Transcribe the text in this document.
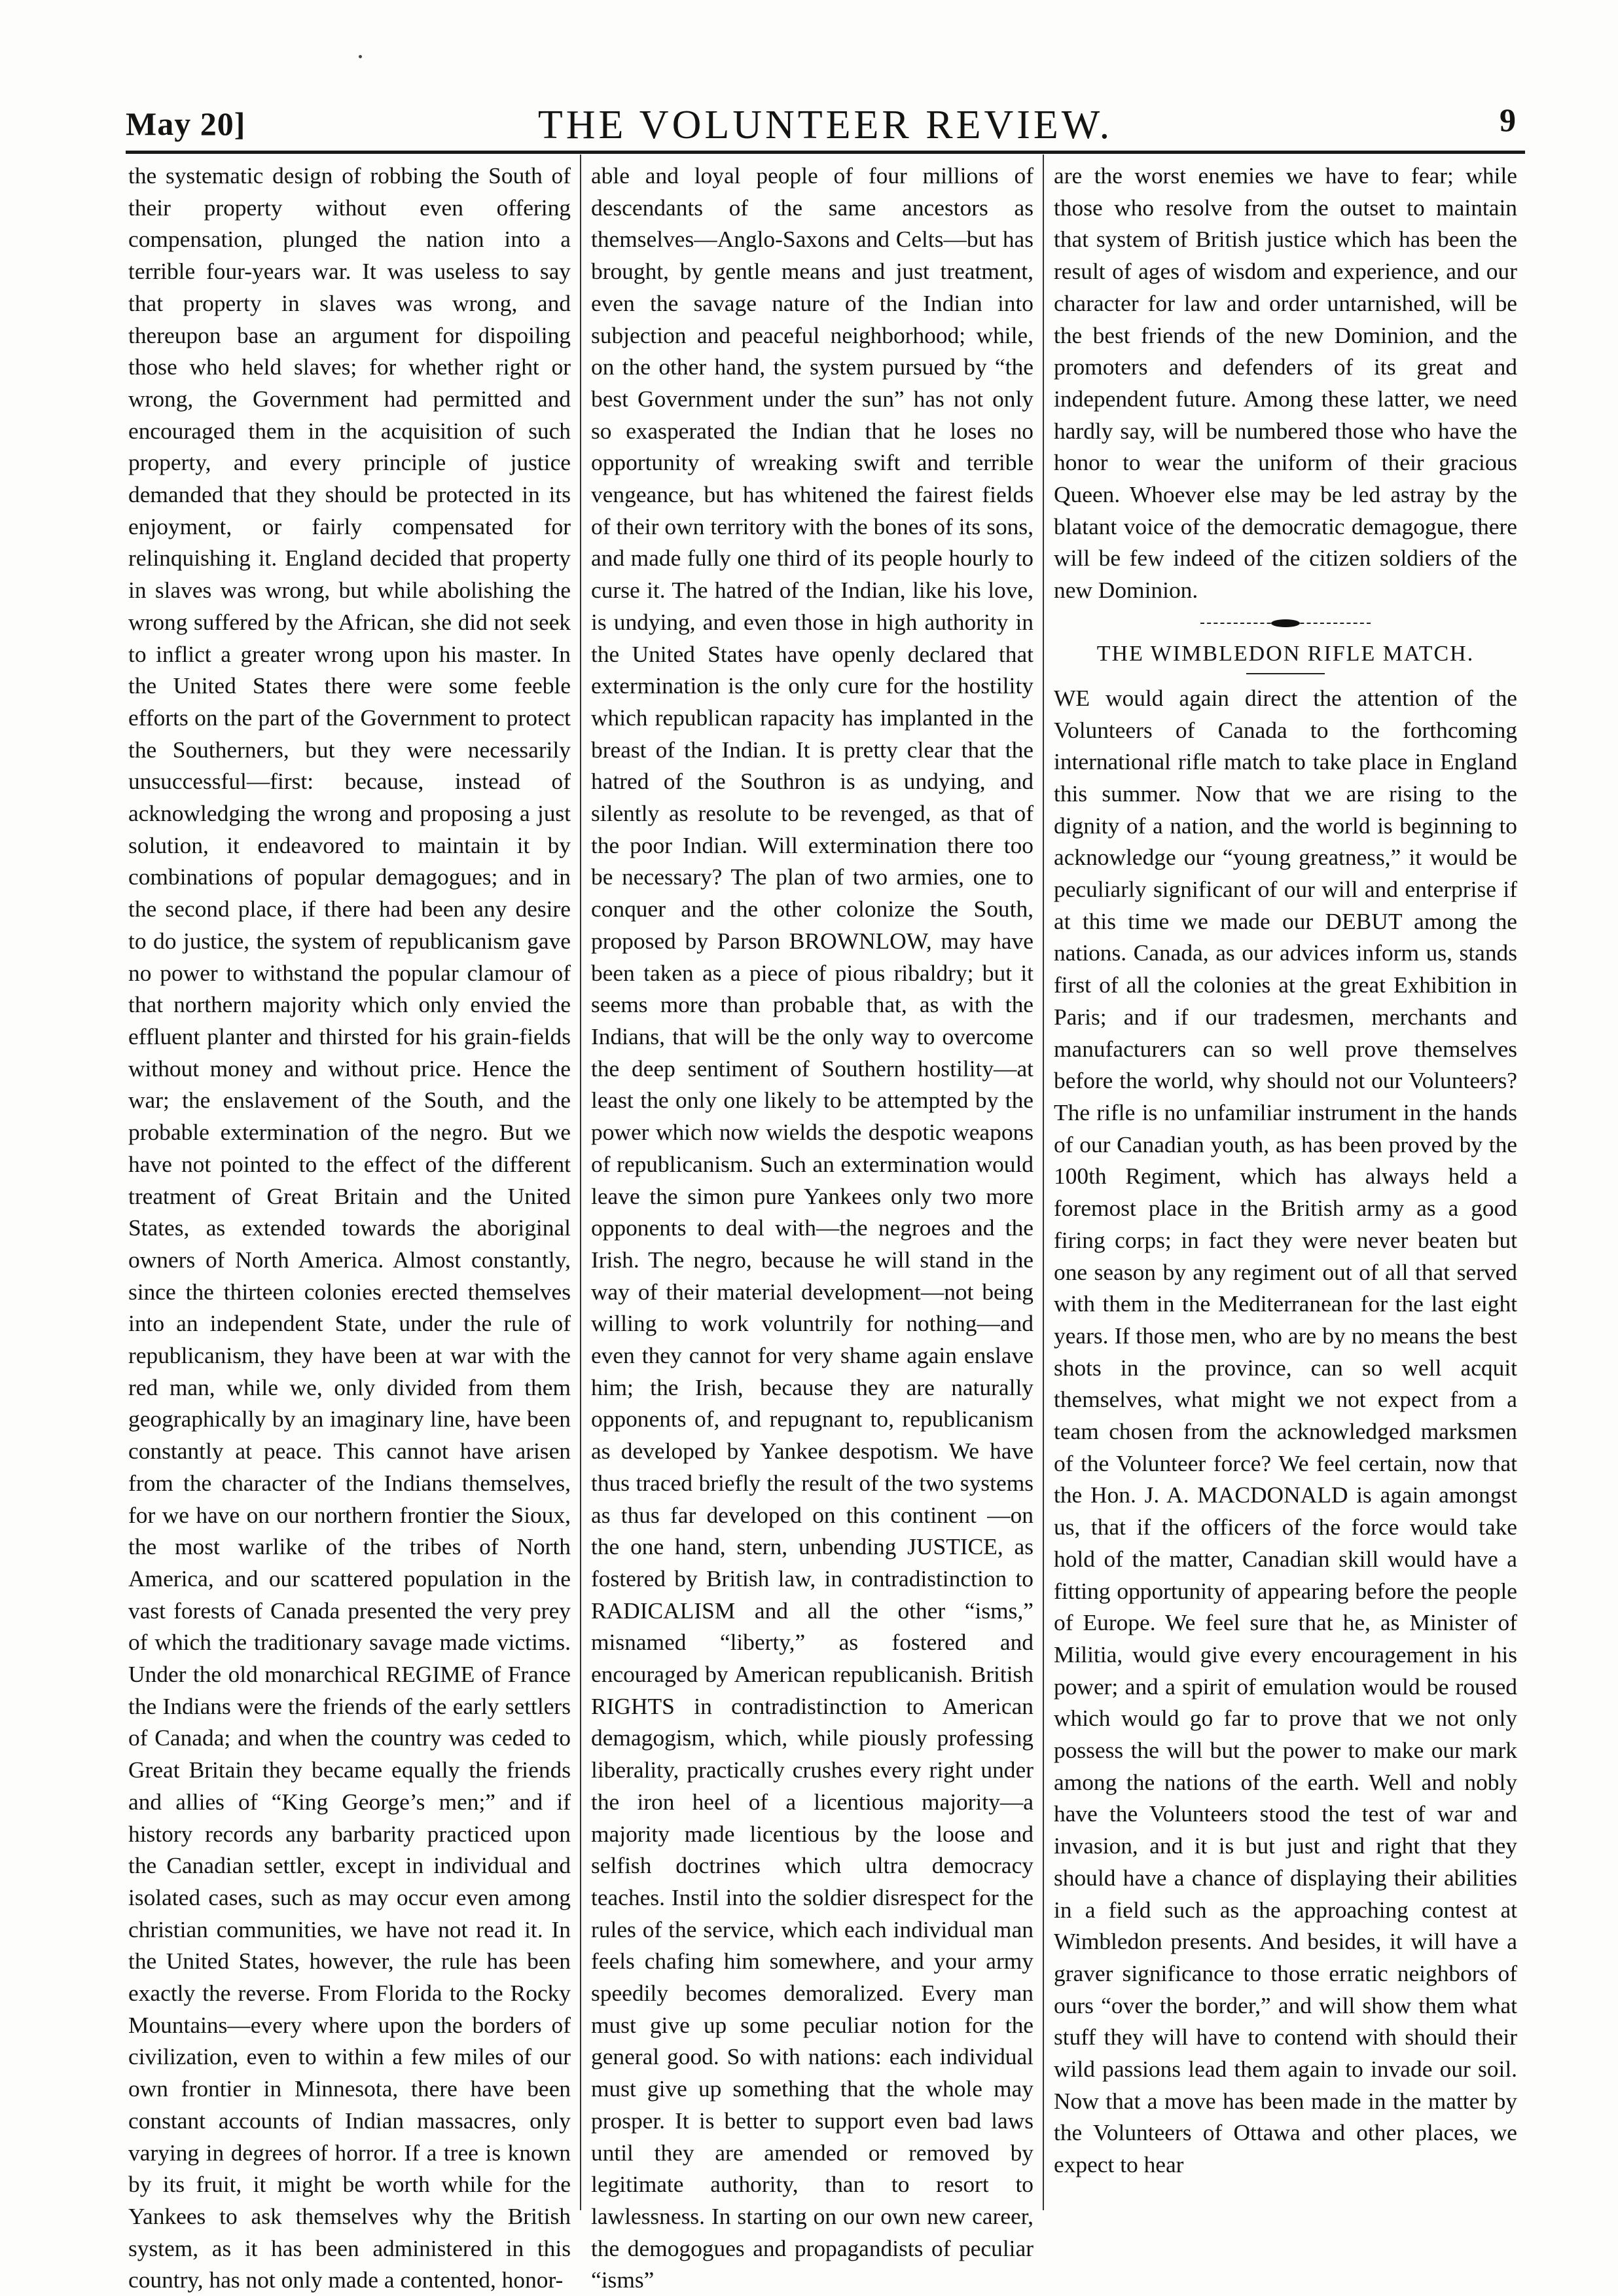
May 20]	THE VOLUNTEER REVIEW.	9

the systematic design of robbing the South of their property without even offering compensation, plunged the nation into a terrible four-years war. It was useless to say that property in slaves was wrong, and thereupon base an argument for dispoiling those who held slaves; for whether right or wrong, the Government had permitted and encouraged them in the acquisition of such property, and every principle of justice demanded that they should be protected in its enjoyment, or fairly compensated for relinquishing it. England decided that property in slaves was wrong, but while abolishing the wrong suffered by the African, she did not seek to inflict a greater wrong upon his master. In the United States there were some feeble efforts on the part of the Government to protect the Southerners, but they were necessarily unsuccessful—first: because, instead of acknowledging the wrong and proposing a just solution, it endeavored to maintain it by combinations of popular demagogues; and in the second place, if there had been any desire to do justice, the system of republicanism gave no power to withstand the popular clamour of that northern majority which only envied the effluent planter and thirsted for his grain-fields without money and without price. Hence the war; the enslavement of the South, and the probable extermination of the negro. But we have not pointed to the effect of the different treatment of Great Britain and the United States, as extended towards the aboriginal owners of North America. Almost constantly, since the thirteen colonies erected themselves into an independent State, under the rule of republicanism, they have been at war with the red man, while we, only divided from them geographically by an imaginary line, have been constantly at peace. This cannot have arisen from the character of the Indians themselves, for we have on our northern frontier the Sioux, the most warlike of the tribes of North America, and our scattered population in the vast forests of Canada presented the very prey of which the traditionary savage made victims. Under the old monarchical REGIME of France the Indians were the friends of the early settlers of Canada; and when the country was ceded to Great Britain they became equally the friends and allies of “King George’s men;” and if history records any barbarity practiced upon the Canadian settler, except in individual and isolated cases, such as may occur even among christian communities, we have not read it. In the United States, however, the rule has been exactly the reverse. From Florida to the Rocky Mountains—every where upon the borders of civilization, even to within a few miles of our own frontier in Minnesota, there have been constant accounts of Indian massacres, only varying in degrees of horror. If a tree is known by its fruit, it might be worth while for the Yankees to ask themselves why the British system, as it has been administered in this country, has not only made a contented, honor-

able and loyal people of four millions of descendants of the same ancestors as themselves—Anglo-Saxons and Celts—but has brought, by gentle means and just treatment, even the savage nature of the Indian into subjection and peaceful neighborhood; while, on the other hand, the system pursued by “the best Government under the sun” has not only so exasperated the Indian that he loses no opportunity of wreaking swift and terrible vengeance, but has whitened the fairest fields of their own territory with the bones of its sons, and made fully one third of its people hourly to curse it. The hatred of the Indian, like his love, is undying, and even those in high authority in the United States have openly declared that extermination is the only cure for the hostility which republican rapacity has implanted in the breast of the Indian. It is pretty clear that the hatred of the Southron is as undying, and silently as resolute to be revenged, as that of the poor Indian. Will extermination there too be necessary? The plan of two armies, one to conquer and the other colonize the South, proposed by Parson BROWNLOW, may have been taken as a piece of pious ribaldry; but it seems more than probable that, as with the Indians, that will be the only way to overcome the deep sentiment of Southern hostility—at least the only one likely to be attempted by the power which now wields the despotic weapons of republicanism. Such an extermination would leave the simon pure Yankees only two more opponents to deal with—the negroes and the Irish. The negro, because he will stand in the way of their material development—not being willing to work voluntrily for nothing—and even they cannot for very shame again enslave him; the Irish, because they are naturally opponents of, and repugnant to, republicanism as developed by Yankee despotism. We have thus traced briefly the result of the two systems as thus far developed on this continent —on the one hand, stern, unbending JUSTICE, as fostered by British law, in contradistinction to RADICALISM and all the other “isms,” misnamed “liberty,” as fostered and encouraged by American republicanish. British RIGHTS in contradistinction to American demagogism, which, while piously professing liberality, practically crushes every right under the iron heel of a licentious majority—a majority made licentious by the loose and selfish doctrines which ultra democracy teaches. Instil into the soldier disrespect for the rules of the service, which each individual man feels chafing him somewhere, and your army speedily becomes demoralized. Every man must give up some peculiar notion for the general good. So with nations: each individual must give up something that the whole may prosper. It is better to support even bad laws until they are amended or removed by legitimate authority, than to resort to lawlessness. In starting on our own new career, the demogogues and propagandists of peculiar “isms”

are the worst enemies we have to fear; while those who resolve from the outset to maintain that system of British justice which has been the result of ages of wisdom and experience, and our character for law and order untarnished, will be the best friends of the new Dominion, and the promoters and defenders of its great and independent future. Among these latter, we need hardly say, will be numbered those who have the honor to wear the uniform of their gracious Queen. Whoever else may be led astray by the blatant voice of the democratic demagogue, there will be few indeed of the citizen soldiers of the new Dominion.

THE WIMBLEDON RIFLE MATCH.

WE would again direct the attention of the Volunteers of Canada to the forthcoming international rifle match to take place in England this summer. Now that we are rising to the dignity of a nation, and the world is beginning to acknowledge our “young greatness,” it would be peculiarly significant of our will and enterprise if at this time we made our DEBUT among the nations. Canada, as our advices inform us, stands first of all the colonies at the great Exhibition in Paris; and if our tradesmen, merchants and manufacturers can so well prove themselves before the world, why should not our Volunteers? The rifle is no unfamiliar instrument in the hands of our Canadian youth, as has been proved by the 100th Regiment, which has always held a foremost place in the British army as a good firing corps; in fact they were never beaten but one season by any regiment out of all that served with them in the Mediterranean for the last eight years. If those men, who are by no means the best shots in the province, can so well acquit themselves, what might we not expect from a team chosen from the acknowledged marksmen of the Volunteer force? We feel certain, now that the Hon. J. A. MACDONALD is again amongst us, that if the officers of the force would take hold of the matter, Canadian skill would have a fitting opportunity of appearing before the people of Europe. We feel sure that he, as Minister of Militia, would give every encouragement in his power; and a spirit of emulation would be roused which would go far to prove that we not only possess the will but the power to make our mark among the nations of the earth. Well and nobly have the Volunteers stood the test of war and invasion, and it is but just and right that they should have a chance of displaying their abilities in a field such as the approaching contest at Wimbledon presents. And besides, it will have a graver significance to those erratic neighbors of ours “over the border,” and will show them what stuff they will have to contend with should their wild passions lead them again to invade our soil. Now that a move has been made in the matter by the Volunteers of Ottawa and other places, we expect to hear
